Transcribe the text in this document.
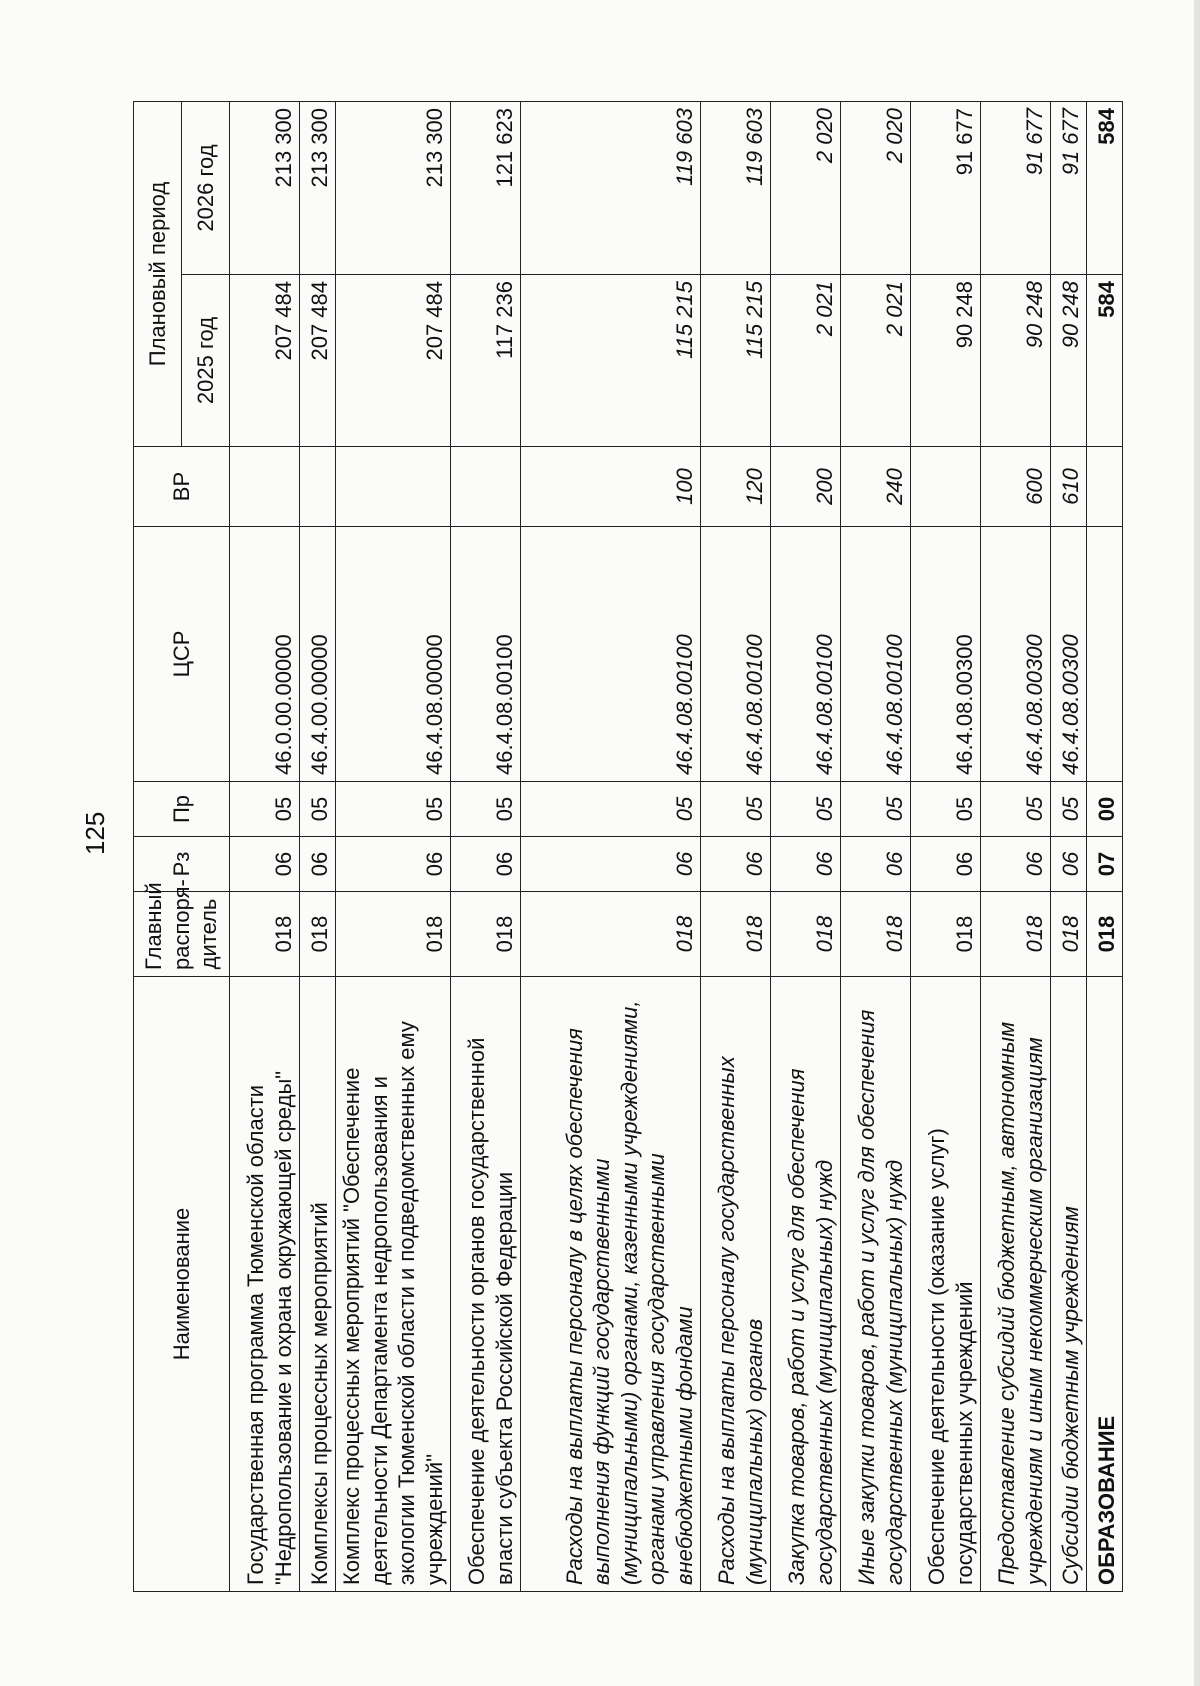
125
Наименование	Главный распоря-дитель	Рз	Пр	ЦСР	ВР	Плановый период	
						2025 год	2026 год
Государственная программа Тюменской области "Недропользование и охрана окружающей среды"	018	06	05	46.0.00.00000		207 484	213 300
Комплексы процессных мероприятий	018	06	05	46.4.00.00000		207 484	213 300
Комплекс процессных мероприятий "Обеспечение деятельности Департамента недропользования и экологии Тюменской области и подведомственных ему учреждений"	018	06	05	46.4.08.00000		207 484	213 300
Обеспечение деятельности органов государственной власти субъекта Российской Федерации	018	06	05	46.4.08.00100		117 236	121 623
Расходы на выплаты персоналу в целях обеспечения выполнения функций государственными (муниципальными) органами, казенными учреждениями, органами управления государственными внебюджетными фондами	018	06	05	46.4.08.00100	100	115 215	119 603
Расходы на выплаты персоналу государственных (муниципальных) органов	018	06	05	46.4.08.00100	120	115 215	119 603
Закупка товаров, работ и услуг для обеспечения государственных (муниципальных) нужд	018	06	05	46.4.08.00100	200	2 021	2 020
Иные закупки товаров, работ и услуг для обеспечения государственных (муниципальных) нужд	018	06	05	46.4.08.00100	240	2 021	2 020
Обеспечение деятельности (оказание услуг) государственных учреждений	018	06	05	46.4.08.00300		90 248	91 677
Предоставление субсидий бюджетным, автономным учреждениям и иным некоммерческим организациям	018	06	05	46.4.08.00300	600	90 248	91 677
Субсидии бюджетным учреждениям	018	06	05	46.4.08.00300	610	90 248	91 677
ОБРАЗОВАНИЕ	018	07	00			584	584
